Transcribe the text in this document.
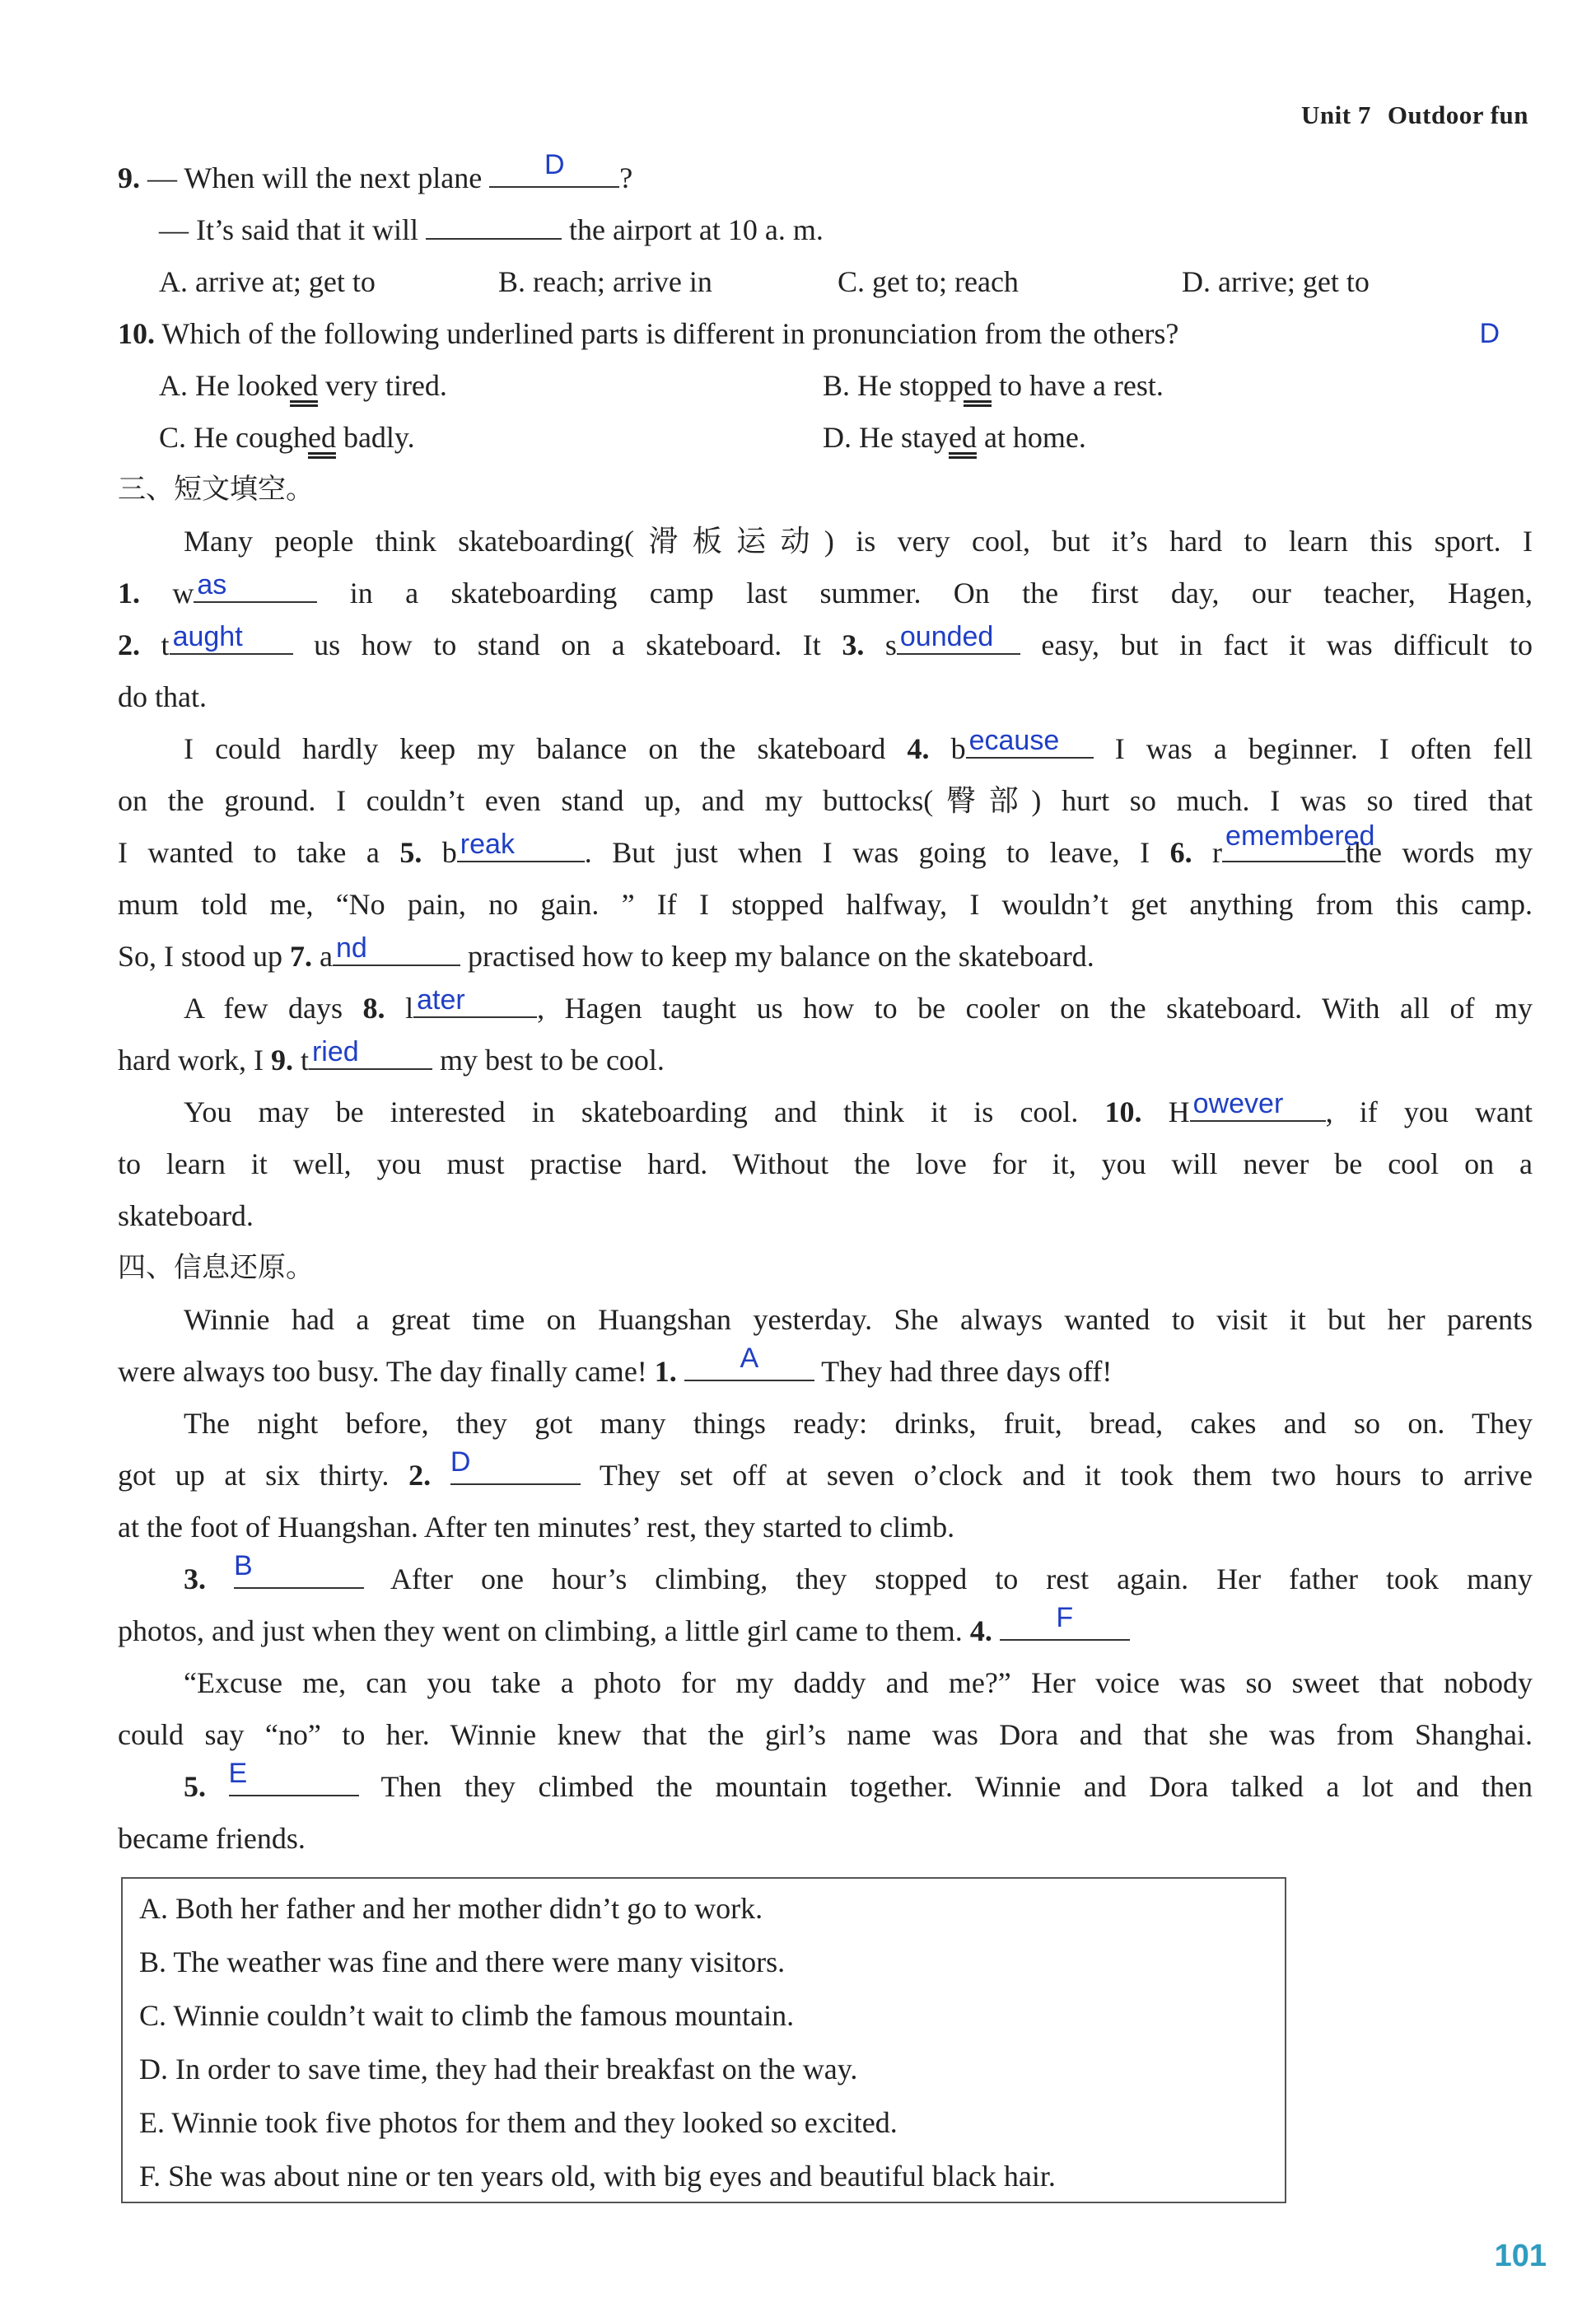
Unit 7 Outdoor fun
9. — When will the next plane	D	?
— It’s said that it will	the airport at 10 a. m.
A. arrive at; get to	B. reach; arrive in	C. get to; reach	D. arrive; get to
10. Which of the following underlined parts is different in pronunciation from the others?	D
A. He looked very tired.	B. He stopped to have a rest.
C. He coughed badly.	D. He stayed at home.
三、短文填空。
Many people think skateboarding(滑板运动) is very cool, but it’s hard to learn this sport. I
1. w as	in a skateboarding camp last summer. On the first day, our teacher, Hagen,
2. t aught us how to stand on a skateboard. It 3. s ounded easy, but in fact it was difficult to
do that.
I could hardly keep my balance on the skateboard 4. b ecause I was a beginner. I often fell
on the ground. I couldn’t even stand up, and my buttocks(臀部) hurt so much. I was so tired that
I wanted to take a 5. b reak . But just when I was going to leave, I 6. r emembered
the words my
mum told me, “No pain, no gain. ” If I stopped halfway, I wouldn’t get anything from this camp.
So, I stood up 7. a nd	practised how to keep my balance on the skateboard.
A few days 8. l ater , Hagen taught us how to be cooler on the skateboard. With all of my
hard work, I 9. t ried	my best to be cool.
You may be interested in skateboarding and think it is cool. 10. H owever , if you want
to learn it well, you must practise hard. Without the love for it, you will never be cool on a
skateboard.
四、信息还原。
Winnie had a great time on Huangshan yesterday. She always wanted to visit it but her parents
were always too busy. The day finally came! 1.	A	They had three days off!
The night before, they got many things ready: drinks, fruit, bread, cakes and so on. They
got up at six thirty. 2. D	They set off at seven o’clock and it took them two hours to arrive
at the foot of Huangshan. After ten minutes’ rest, they started to climb.
3. B	After one hour’s climbing, they stopped to rest again. Her father took many
photos, and just when they went on climbing, a little girl came to them. 4.	F
“Excuse me, can you take a photo for my daddy and me?” Her voice was so sweet that nobody
could say “no” to her. Winnie knew that the girl’s name was Dora and that she was from Shanghai.
5. E	Then they climbed the mountain together. Winnie and Dora talked a lot and then
became friends.
A. Both her father and her mother didn’t go to work.
B. The weather was fine and there were many visitors.
C. Winnie couldn’t wait to climb the famous mountain.
D. In order to save time, they had their breakfast on the way.
E. Winnie took five photos for them and they looked so excited.
F. She was about nine or ten years old, with big eyes and beautiful black hair.
101
